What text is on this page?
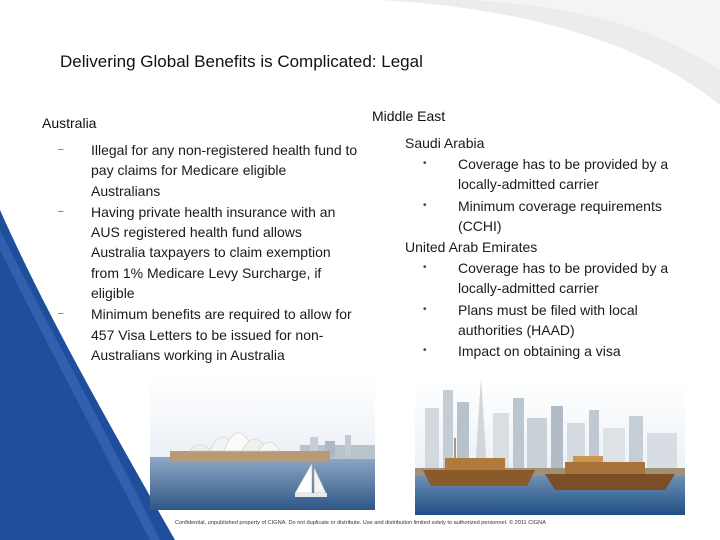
Delivering Global Benefits is Complicated: Legal
Australia
– Illegal for any non-registered health fund to pay claims for Medicare eligible Australians
– Having private health insurance with an AUS registered health fund allows Australia taxpayers to claim exemption from 1% Medicare Levy Surcharge, if eligible
– Minimum benefits are required to allow for 457 Visa Letters to be issued for non-Australians working in Australia
Middle East
Saudi Arabia
• Coverage has to be provided by a locally-admitted carrier
• Minimum coverage requirements (CCHI)
United Arab Emirates
• Coverage has to be provided by a locally-admitted carrier
• Plans must be filed with local authorities (HAAD)
• Impact on obtaining a visa
Confidential, unpublished property of CIGNA. Do not duplicate or distribute. Use and distribution limited solely to authorized personnel. © 2011 CIGNA
